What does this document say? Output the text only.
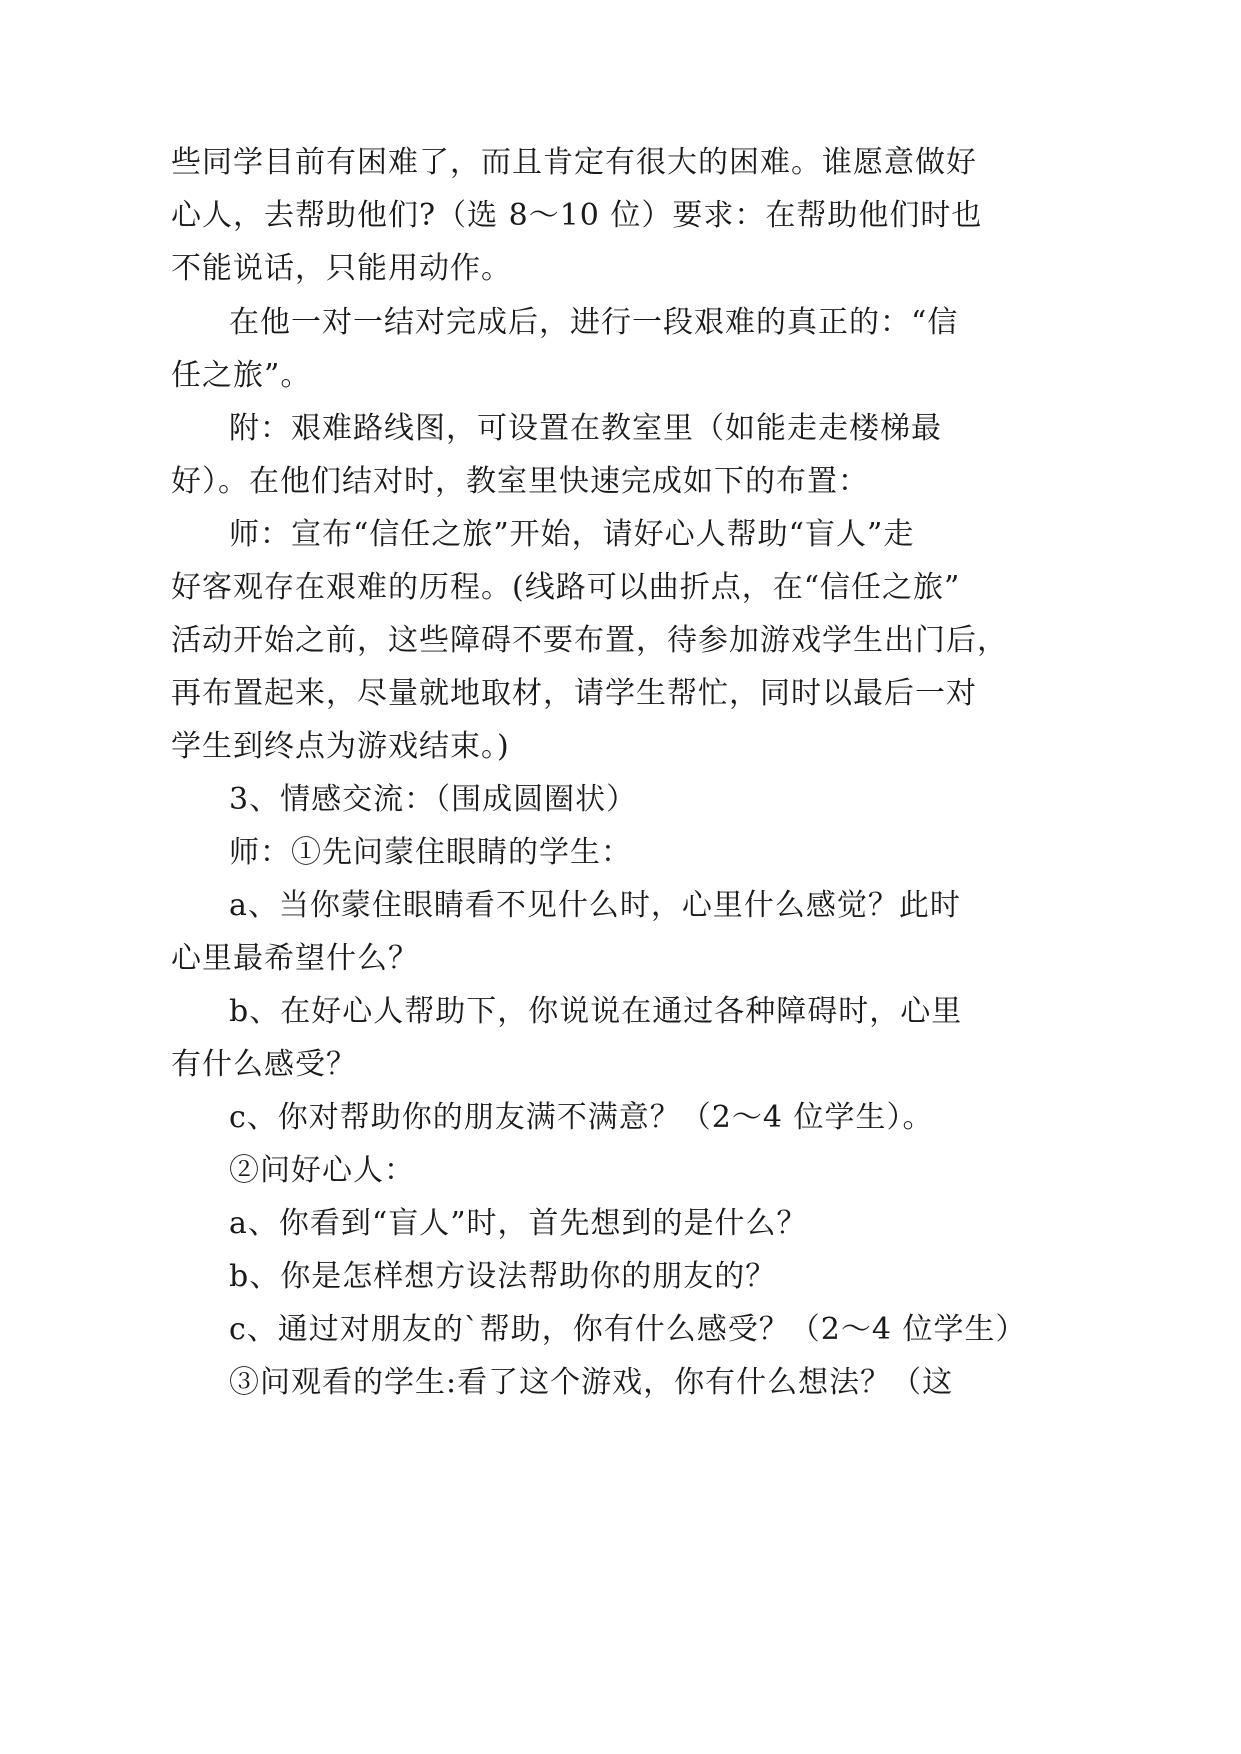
些同学目前有困难了，而且肯定有很大的困难。谁愿意做好
心人，去帮助他们?（选 8～10 位）要求：在帮助他们时也
不能说话，只能用动作。
在他一对一结对完成后，进行一段艰难的真正的：“信
任之旅”。
附：艰难路线图，可设置在教室里（如能走走楼梯最
好）。在他们结对时，教室里快速完成如下的布置：
师：宣布“信任之旅”开始，请好心人帮助“盲人”走
好客观存在艰难的历程。(线路可以曲折点，在“信任之旅”
活动开始之前，这些障碍不要布置，待参加游戏学生出门后，
再布置起来，尽量就地取材，请学生帮忙，同时以最后一对
学生到终点为游戏结束。)
3、情感交流：（围成圆圈状）
师：①先问蒙住眼睛的学生：
a、当你蒙住眼睛看不见什么时，心里什么感觉？此时
心里最希望什么？
b、在好心人帮助下，你说说在通过各种障碍时，心里
有什么感受？
c、你对帮助你的朋友满不满意？（2～4 位学生）。
②问好心人：
a、你看到“盲人”时，首先想到的是什么？
b、你是怎样想方设法帮助你的朋友的？
c、通过对朋友的`帮助，你有什么感受？（2～4 位学生）
③问观看的学生:看了这个游戏，你有什么想法？（这
